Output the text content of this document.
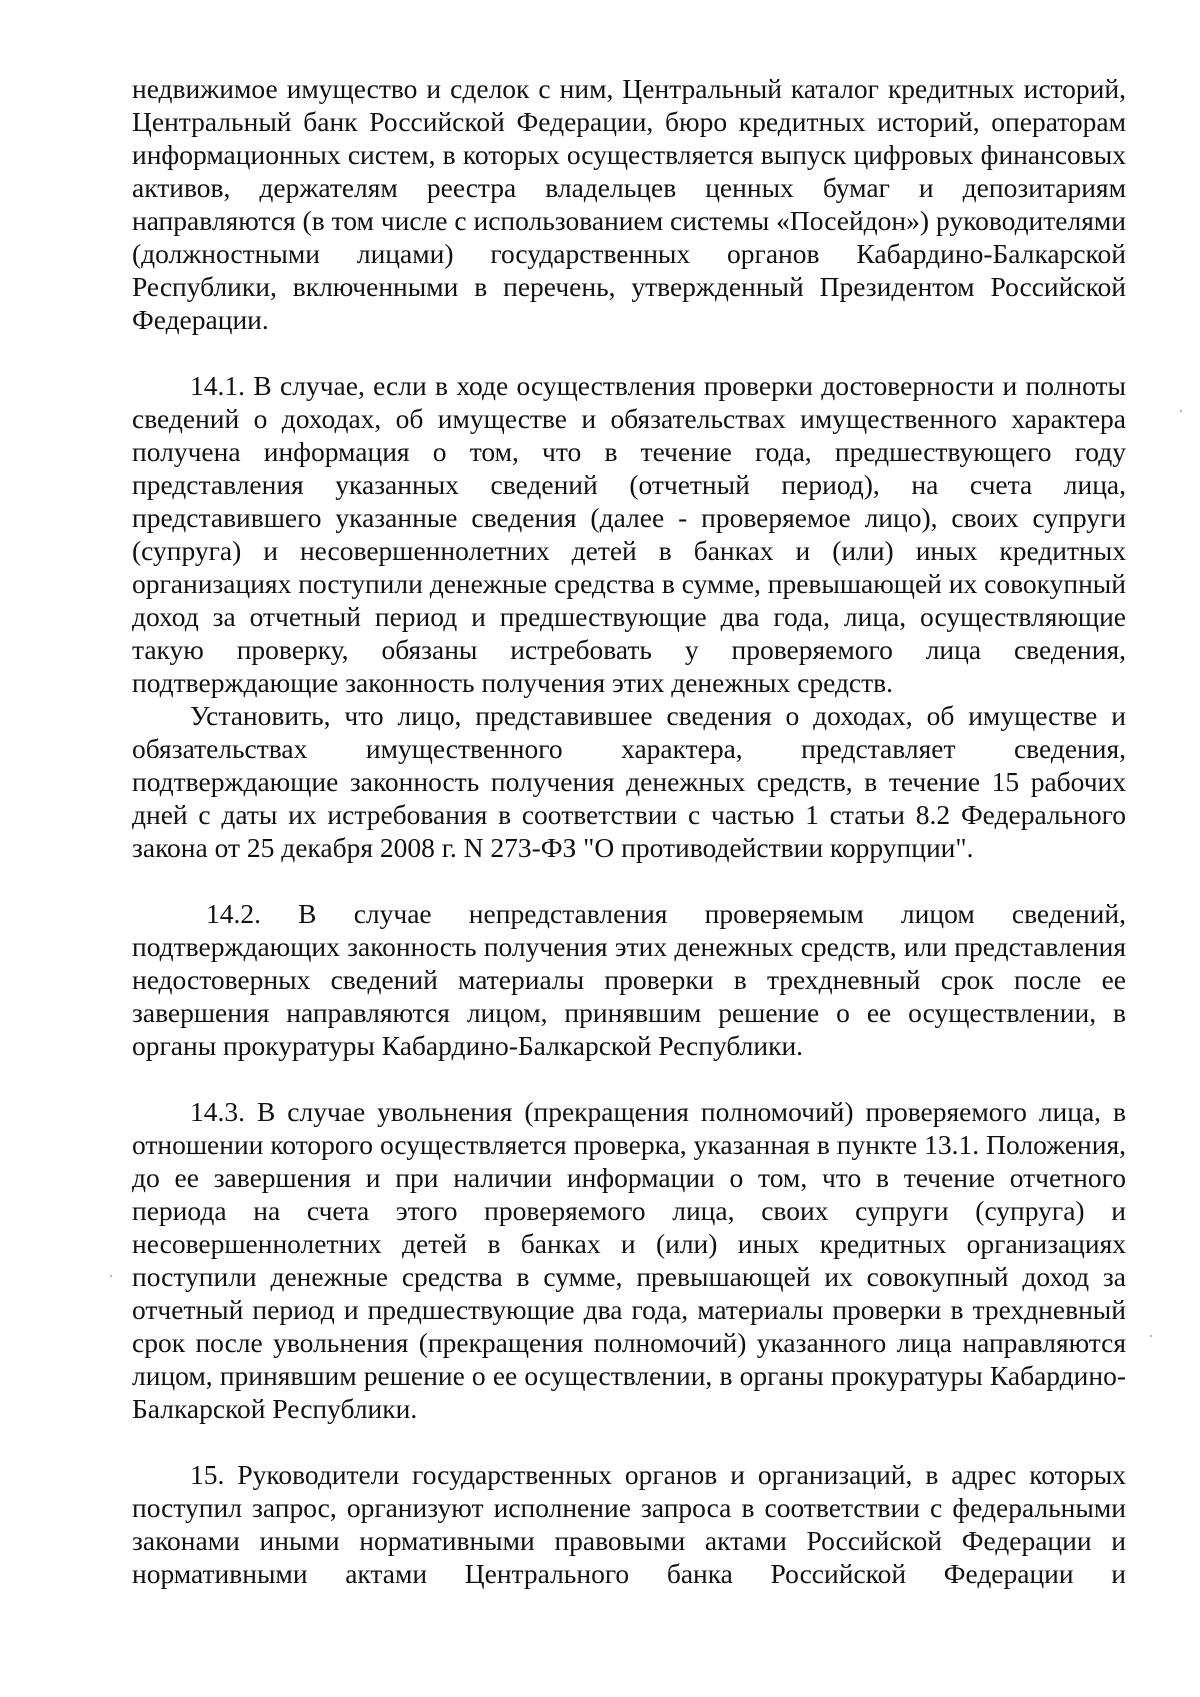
недвижимое имущество и сделок с ним, Центральный каталог кредитных историй, Центральный банк Российской Федерации, бюро кредитных историй, операторам информационных систем, в которых осуществляется выпуск цифровых финансовых активов, держателям реестра владельцев ценных бумаг и депозитариям направляются (в том числе с использованием системы «Посейдон») руководителями (должностными лицами) государственных органов Кабардино-Балкарской Республики, включенными в перечень, утвержденный Президентом Российской Федерации.

14.1. В случае, если в ходе осуществления проверки достоверности и полноты сведений о доходах, об имуществе и обязательствах имущественного характера получена информация о том, что в течение года, предшествующего году представления указанных сведений (отчетный период), на счета лица, представившего указанные сведения (далее - проверяемое лицо), своих супруги (супруга) и несовершеннолетних детей в банках и (или) иных кредитных организациях поступили денежные средства в сумме, превышающей их совокупный доход за отчетный период и предшествующие два года, лица, осуществляющие такую проверку, обязаны истребовать у проверяемого лица сведения, подтверждающие законность получения этих денежных средств.

Установить, что лицо, представившее сведения о доходах, об имуществе и обязательствах имущественного характера, представляет сведения, подтверждающие законность получения денежных средств, в течение 15 рабочих дней с даты их истребования в соответствии с частью 1 статьи 8.2 Федерального закона от 25 декабря 2008 г. N 273-ФЗ "О противодействии коррупции".

14.2. В случае непредставления проверяемым лицом сведений, подтверждающих законность получения этих денежных средств, или представления недостоверных сведений материалы проверки в трехдневный срок после ее завершения направляются лицом, принявшим решение о ее осуществлении, в органы прокуратуры Кабардино-Балкарской Республики.

14.3. В случае увольнения (прекращения полномочий) проверяемого лица, в отношении которого осуществляется проверка, указанная в пункте 13.1. Положения, до ее завершения и при наличии информации о том, что в течение отчетного периода на счета этого проверяемого лица, своих супруги (супруга) и несовершеннолетних детей в банках и (или) иных кредитных организациях поступили денежные средства в сумме, превышающей их совокупный доход за отчетный период и предшествующие два года, материалы проверки в трехдневный срок после увольнения (прекращения полномочий) указанного лица направляются лицом, принявшим решение о ее осуществлении, в органы прокуратуры Кабардино-Балкарской Республики.

15. Руководители государственных органов и организаций, в адрес которых поступил запрос, организуют исполнение запроса в соответствии с федеральными законами иными нормативными правовыми актами Российской Федерации и нормативными актами Центрального банка Российской Федерации и
